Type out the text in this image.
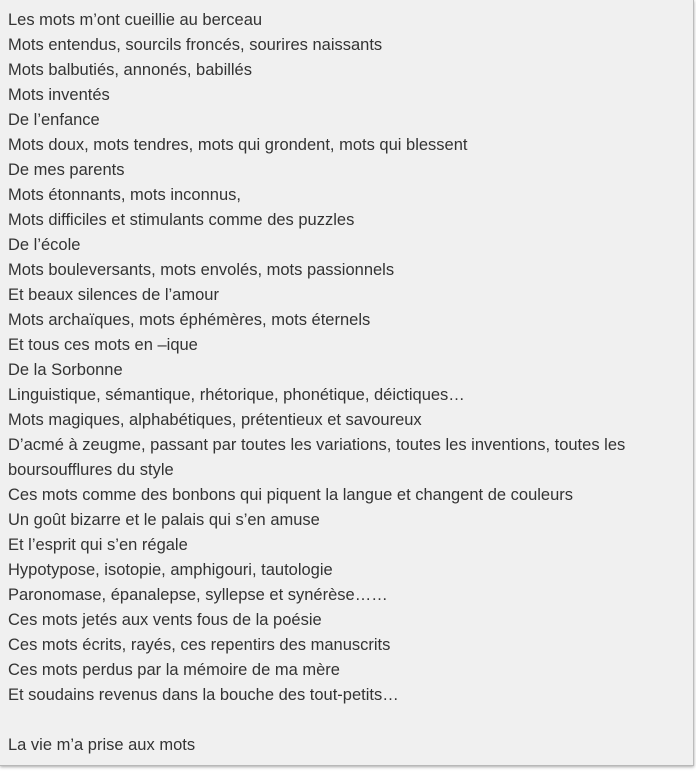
Les mots m’ont cueillie au berceau
Mots entendus, sourcils froncés, sourires naissants
Mots balbutiés, annonés, babillés
Mots inventés
De l’enfance
Mots doux, mots tendres, mots qui grondent, mots qui blessent
De mes parents
Mots étonnants, mots inconnus,
Mots difficiles et stimulants comme des puzzles
De l’école
Mots bouleversants, mots envolés, mots passionnels
Et beaux silences de l’amour
Mots archaïques, mots éphémères, mots éternels
Et tous ces mots en –ique
De la Sorbonne
Linguistique, sémantique, rhétorique, phonétique, déictiques…
Mots magiques, alphabétiques, prétentieux et savoureux
D’acmé à zeugme, passant par toutes les variations, toutes les inventions, toutes les boursoufflures du style
Ces mots comme des bonbons qui piquent la langue et changent de couleurs
Un goût bizarre et le palais qui s’en amuse
Et l’esprit qui s’en régale
Hypotypose, isotopie, amphigouri, tautologie
Paronomase, épanalepse, syllepse et synérèse……
Ces mots jetés aux vents fous de la poésie
Ces mots écrits, rayés, ces repentirs des manuscrits
Ces mots perdus par la mémoire de ma mère
Et soudains revenus dans la bouche des tout-petits…
La vie m’a prise aux mots
